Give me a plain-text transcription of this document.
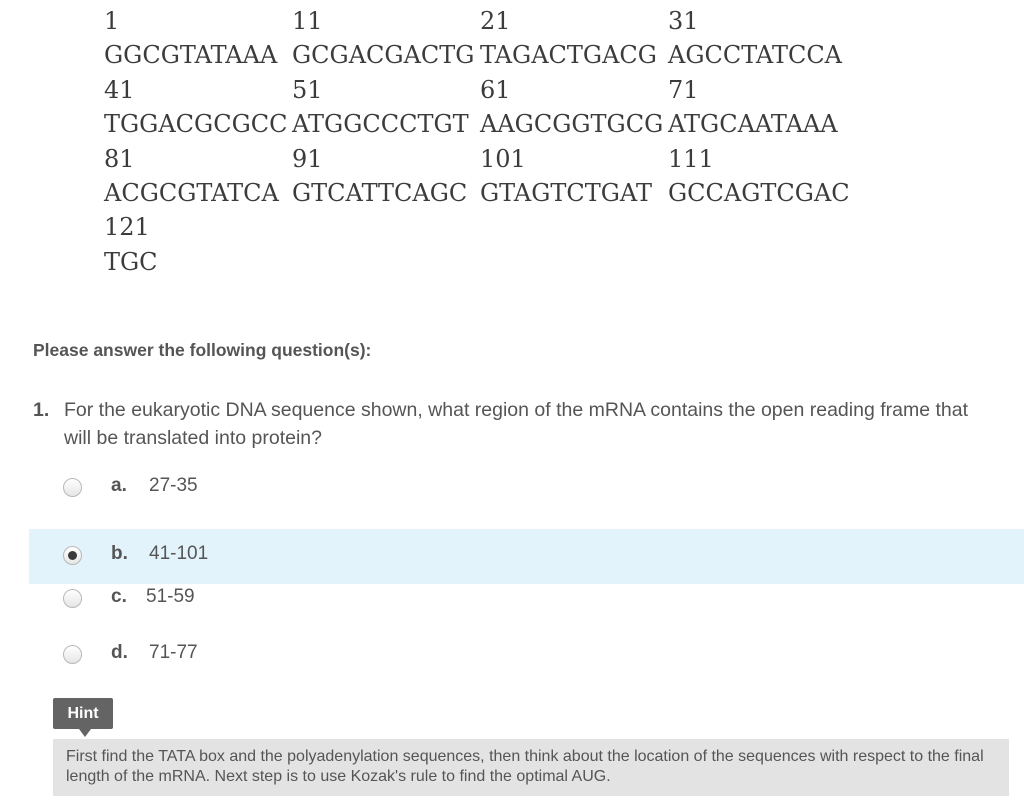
1	11	21	31
GGCGTATAAA GCGACGACTG TAGACTGACG AGCCTATCCA
41	51	61	71
TGGACGCGCC ATGGCCCTGT AAGCGGTGCG ATGCAATAAA
81	91	101	111
ACGCGTATCA GTCATTCAGC GTAGTCTGAT GCCAGTCGAC
121
TGC
Please answer the following question(s):
1. For the eukaryotic DNA sequence shown, what region of the mRNA contains the open reading frame that will be translated into protein?
a. 27-35
b. 41-101
c. 51-59
d. 71-77
Hint
First find the TATA box and the polyadenylation sequences, then think about the location of the sequences with respect to the final length of the mRNA. Next step is to use Kozak's rule to find the optimal AUG.
